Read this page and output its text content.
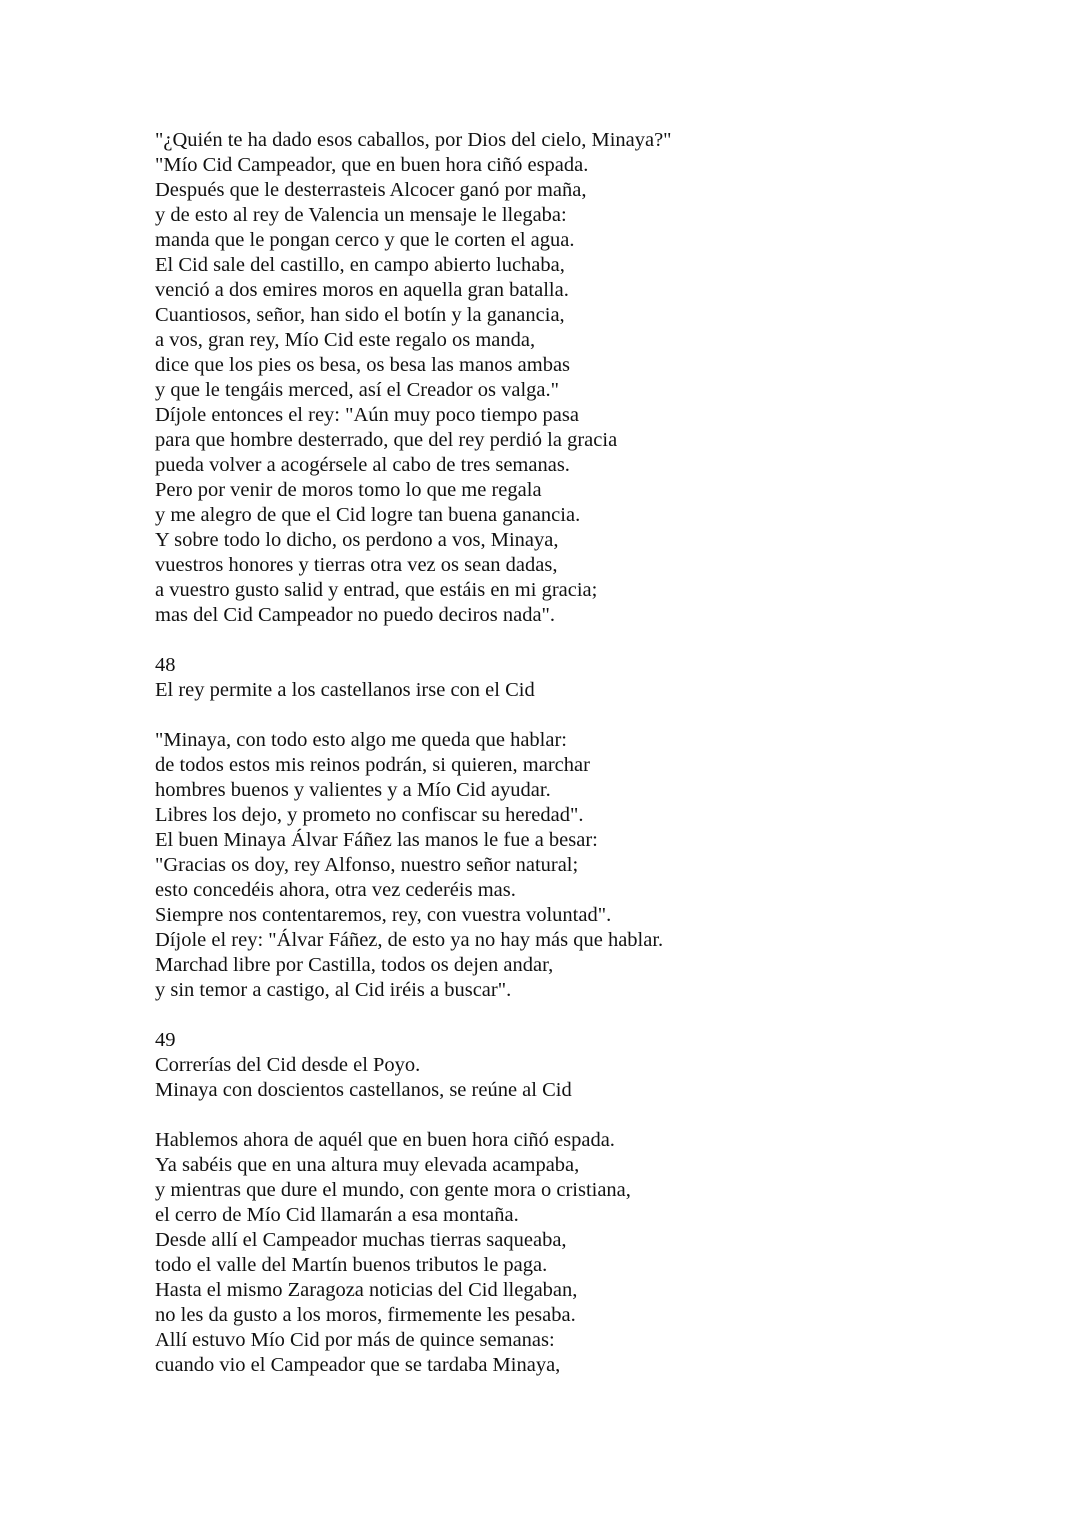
"¿Quién te ha dado esos caballos, por Dios del cielo, Minaya?"
"Mío Cid Campeador, que en buen hora ciñó espada.
Después que le desterrasteis Alcocer ganó por maña,
y de esto al rey de Valencia un mensaje le llegaba:
manda que le pongan cerco y que le corten el agua.
El Cid sale del castillo, en campo abierto luchaba,
venció a dos emires moros en aquella gran batalla.
Cuantiosos, señor, han sido el botín y la ganancia,
a vos, gran rey, Mío Cid este regalo os manda,
dice que los pies os besa, os besa las manos ambas
y que le tengáis merced, así el Creador os valga."
Díjole entonces el rey: "Aún muy poco tiempo pasa
para que hombre desterrado, que del rey perdió la gracia
pueda volver a acogérsele al cabo de tres semanas.
Pero por venir de moros tomo lo que me regala
y me alegro de que el Cid logre tan buena ganancia.
Y sobre todo lo dicho, os perdono a vos, Minaya,
vuestros honores y tierras otra vez os sean dadas,
a vuestro gusto salid y entrad, que estáis en mi gracia;
mas del Cid Campeador no puedo deciros nada".
48
El rey permite a los castellanos irse con el Cid
"Minaya, con todo esto algo me queda que hablar:
de todos estos mis reinos podrán, si quieren, marchar
hombres buenos y valientes y a Mío Cid ayudar.
Libres los dejo, y prometo no confiscar su heredad".
El buen Minaya Álvar Fáñez las manos le fue a besar:
"Gracias os doy, rey Alfonso, nuestro señor natural;
esto concedéis ahora, otra vez cederéis mas.
Siempre nos contentaremos, rey, con vuestra voluntad".
Díjole el rey: "Álvar Fáñez, de esto ya no hay más que hablar.
Marchad libre por Castilla, todos os dejen andar,
y sin temor a castigo, al Cid iréis a buscar".
49
Correrías del Cid desde el Poyo.
Minaya con doscientos castellanos, se reúne al Cid
Hablemos ahora de aquél que en buen hora ciñó espada.
Ya sabéis que en una altura muy elevada acampaba,
y mientras que dure el mundo, con gente mora o cristiana,
el cerro de Mío Cid llamarán a esa montaña.
Desde allí el Campeador muchas tierras saqueaba,
todo el valle del Martín buenos tributos le paga.
Hasta el mismo Zaragoza noticias del Cid llegaban,
no les da gusto a los moros, firmemente les pesaba.
Allí estuvo Mío Cid por más de quince semanas:
cuando vio el Campeador que se tardaba Minaya,
